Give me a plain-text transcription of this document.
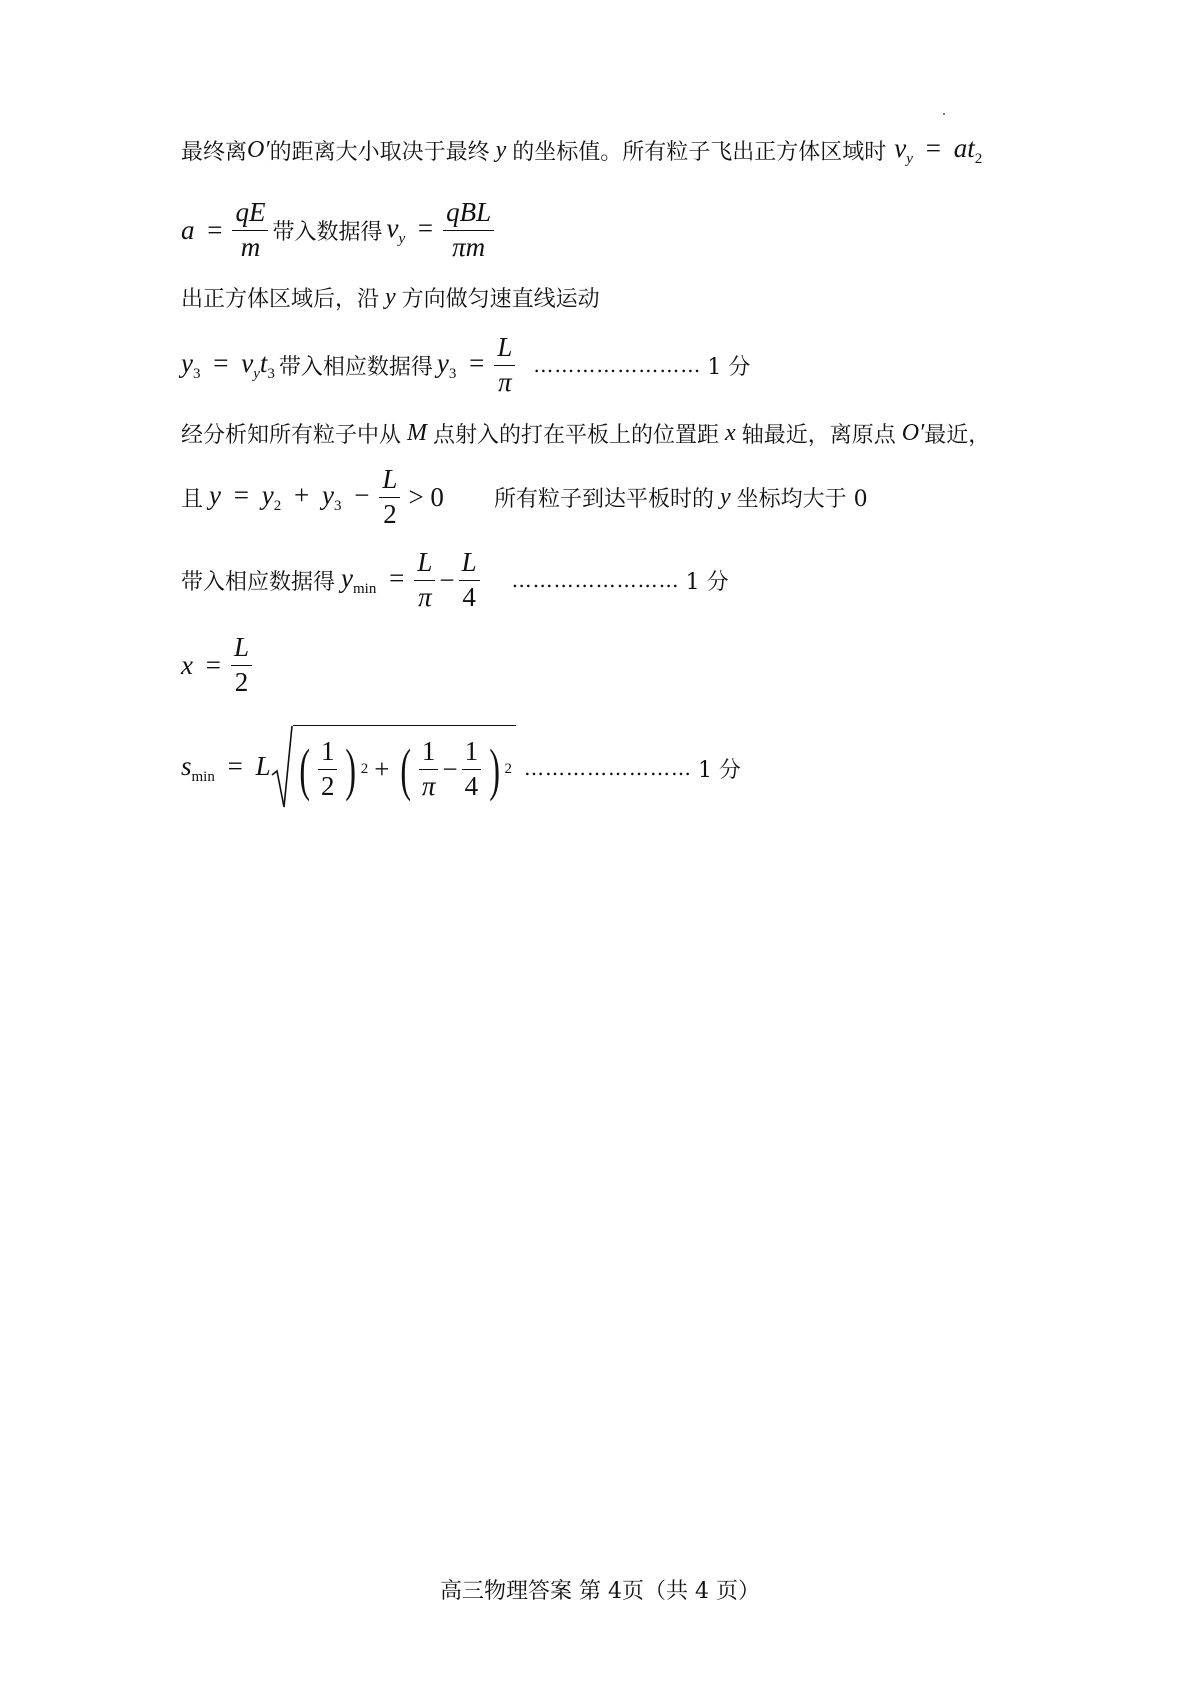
最终离 O′ 的距离大小取决于最终 y 的坐标值。所有粒子飞出正方体区域时 $v_y = at_2$
$a = \frac{qE}{m}$ 带入数据得 $v_y = \frac{\text{qBL}}{\pi m}$
出正方体区域后，沿 y 方向做匀速直线运动
$y_3 = v_yt_3$ 带入相应数据得 $y_3 = \frac{L}{\pi}$ …………………… 1 分
经分析知所有粒子中从 M 点射入的打在平板上的位置距 x 轴最近，离原点 O′ 最近，
且 $y = y_2 + y_3 - \frac{L}{2} > 0$ 所有粒子到达平板时的 y 坐标均大于 0
带入相应数据得 $y_{min} = \frac{L}{\pi} - \frac{L}{4}$ …………………… 1 分
$x = \frac{L}{2}$
$s_{min} = L$ ( $\frac{1}{2}$ ) 2 + ( $\frac{1}{\pi} - \frac{1}{4}$ ) 2 …………………… 1 分
高三物理答案 第 4页（共 4 页）
